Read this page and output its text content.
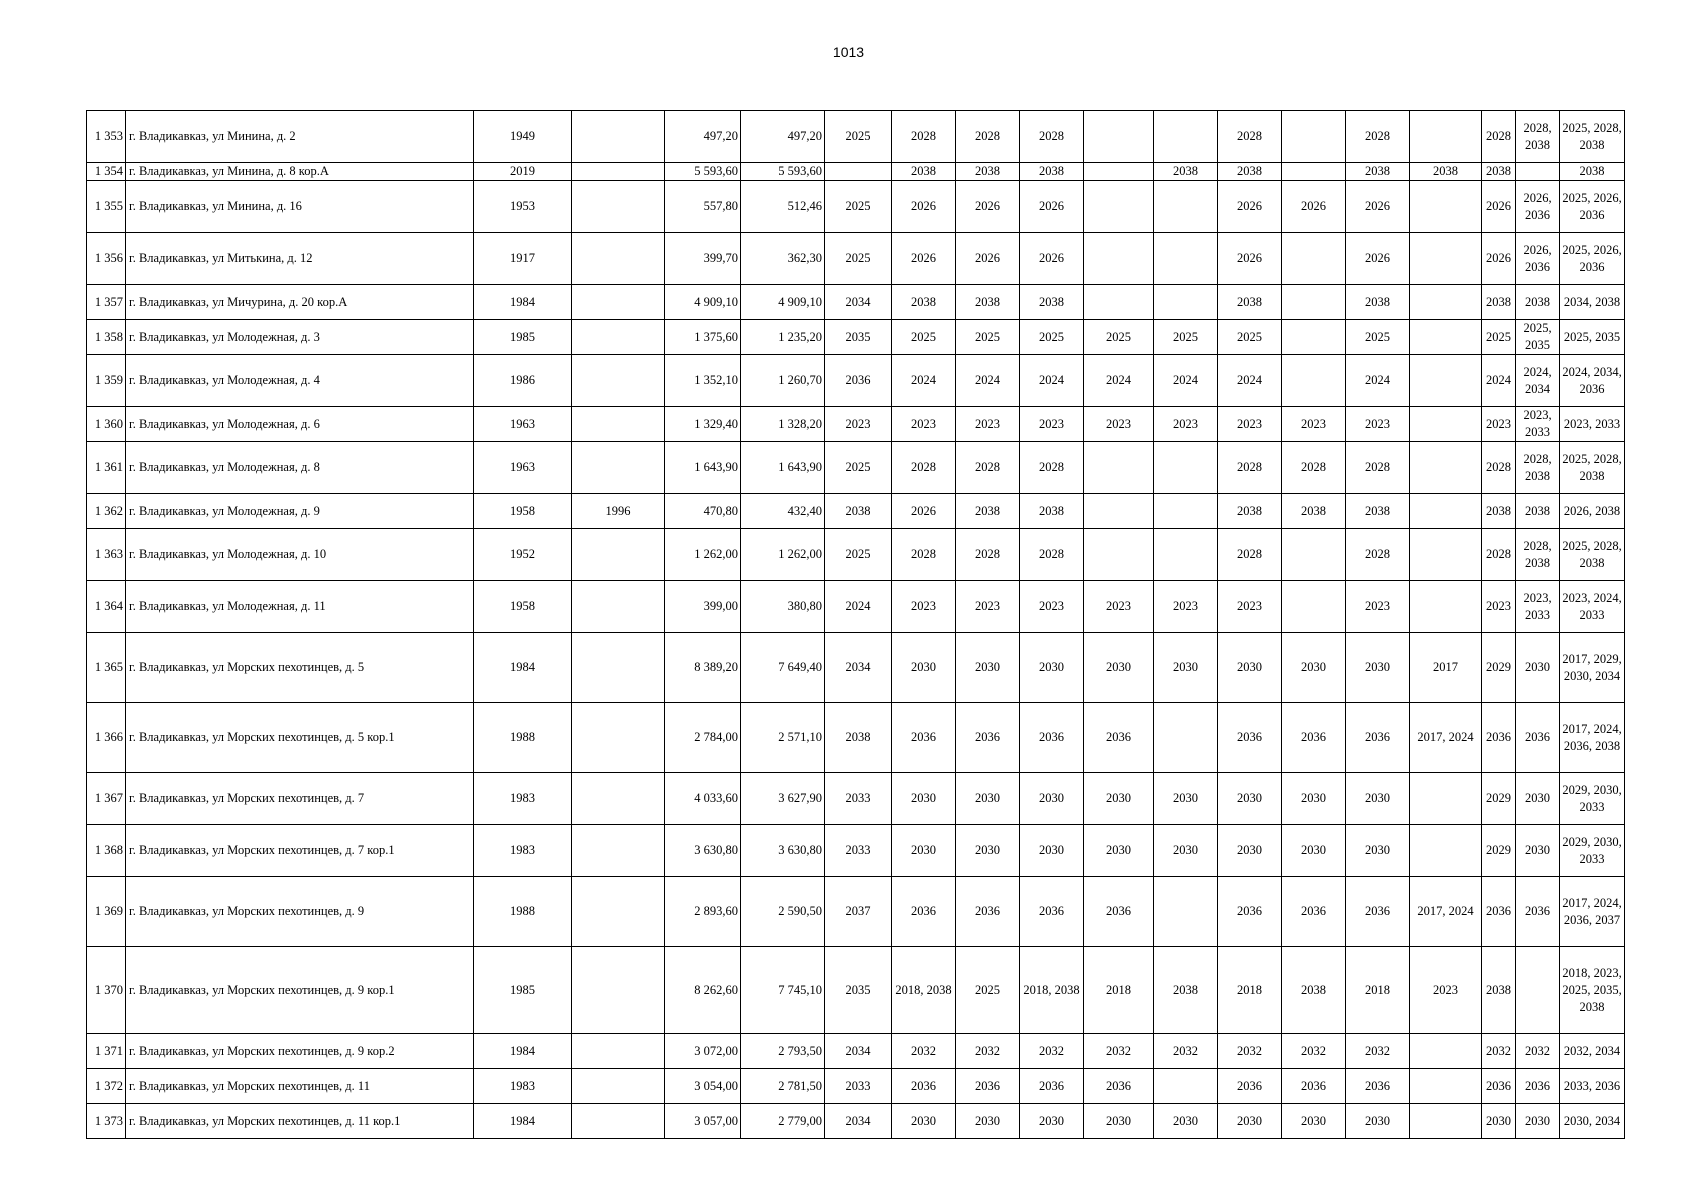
1013
1 353	г. Владикавказ, ул Минина, д. 2	1949		497,20	497,20	2025	2028	2028	2028			2028		2028		2028	2028, 2038	2025, 2028, 2038
1 354	г. Владикавказ, ул Минина, д. 8 кор.А	2019		5 593,60	5 593,60		2038	2038	2038		2038	2038		2038	2038	2038		2038
1 355	г. Владикавказ, ул Минина, д. 16	1953		557,80	512,46	2025	2026	2026	2026			2026	2026	2026		2026	2026, 2036	2025, 2026, 2036
1 356	г. Владикавказ, ул Митькина, д. 12	1917		399,70	362,30	2025	2026	2026	2026			2026		2026		2026	2026, 2036	2025, 2026, 2036
1 357	г. Владикавказ, ул Мичурина, д. 20 кор.А	1984		4 909,10	4 909,10	2034	2038	2038	2038			2038		2038		2038	2038	2034, 2038
1 358	г. Владикавказ, ул Молодежная, д. 3	1985		1 375,60	1 235,20	2035	2025	2025	2025	2025	2025	2025		2025		2025	2025, 2035	2025, 2035
1 359	г. Владикавказ, ул Молодежная, д. 4	1986		1 352,10	1 260,70	2036	2024	2024	2024	2024	2024	2024		2024		2024	2024, 2034	2024, 2034, 2036
1 360	г. Владикавказ, ул Молодежная, д. 6	1963		1 329,40	1 328,20	2023	2023	2023	2023	2023	2023	2023	2023	2023		2023	2023, 2033	2023, 2033
1 361	г. Владикавказ, ул Молодежная, д. 8	1963		1 643,90	1 643,90	2025	2028	2028	2028			2028	2028	2028		2028	2028, 2038	2025, 2028, 2038
1 362	г. Владикавказ, ул Молодежная, д. 9	1958	1996	470,80	432,40	2038	2026	2038	2038			2038	2038	2038		2038	2038	2026, 2038
1 363	г. Владикавказ, ул Молодежная, д. 10	1952		1 262,00	1 262,00	2025	2028	2028	2028			2028		2028		2028	2028, 2038	2025, 2028, 2038
1 364	г. Владикавказ, ул Молодежная, д. 11	1958		399,00	380,80	2024	2023	2023	2023	2023	2023	2023		2023		2023	2023, 2033	2023, 2024, 2033
1 365	г. Владикавказ, ул Морских пехотинцев, д. 5	1984		8 389,20	7 649,40	2034	2030	2030	2030	2030	2030	2030	2030	2030	2017	2029	2030	2017, 2029, 2030, 2034
1 366	г. Владикавказ, ул Морских пехотинцев, д. 5 кор.1	1988		2 784,00	2 571,10	2038	2036	2036	2036	2036		2036	2036	2036	2017, 2024	2036	2036	2017, 2024, 2036, 2038
1 367	г. Владикавказ, ул Морских пехотинцев, д. 7	1983		4 033,60	3 627,90	2033	2030	2030	2030	2030	2030	2030	2030	2030		2029	2030	2029, 2030, 2033
1 368	г. Владикавказ, ул Морских пехотинцев, д. 7 кор.1	1983		3 630,80	3 630,80	2033	2030	2030	2030	2030	2030	2030	2030	2030		2029	2030	2029, 2030, 2033
1 369	г. Владикавказ, ул Морских пехотинцев, д. 9	1988		2 893,60	2 590,50	2037	2036	2036	2036	2036		2036	2036	2036	2017, 2024	2036	2036	2017, 2024, 2036, 2037
1 370	г. Владикавказ, ул Морских пехотинцев, д. 9 кор.1	1985		8 262,60	7 745,10	2035	2018, 2038	2025	2018, 2038	2018	2038	2018	2038	2018	2023	2038		2018, 2023, 2025, 2035, 2038
1 371	г. Владикавказ, ул Морских пехотинцев, д. 9 кор.2	1984		3 072,00	2 793,50	2034	2032	2032	2032	2032	2032	2032	2032	2032		2032	2032	2032, 2034
1 372	г. Владикавказ, ул Морских пехотинцев, д. 11	1983		3 054,00	2 781,50	2033	2036	2036	2036	2036		2036	2036	2036		2036	2036	2033, 2036
1 373	г. Владикавказ, ул Морских пехотинцев, д. 11 кор.1	1984		3 057,00	2 779,00	2034	2030	2030	2030	2030	2030	2030	2030	2030		2030	2030	2030, 2034
